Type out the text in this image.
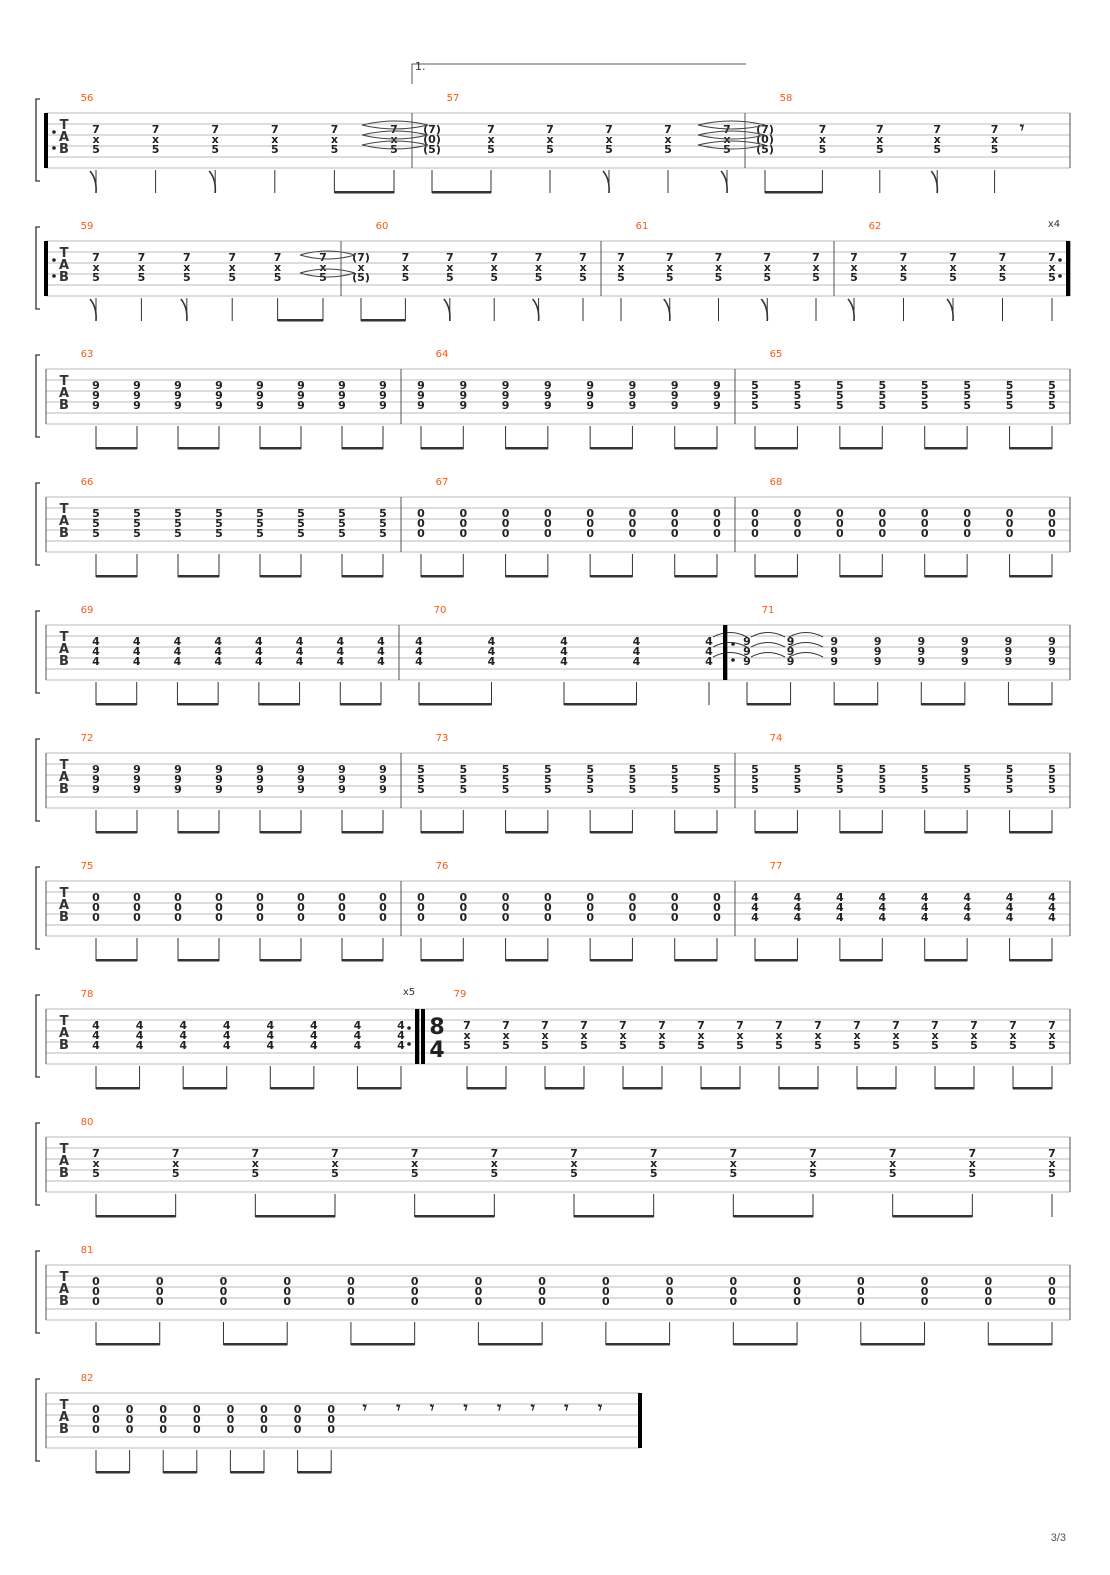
T
A
B
56
7
x
5
7
x
5
7
x
5
7
x
5
7
x
5
7
x
5
57
(7)
(0)
(5)
7
x
5
7
x
5
7
x
5
7
x
5
7
x
5
58
(7)
(0)
(5)
7
x
5
7
x
5
7
x
5
7
x
5
𝄾
T
A
B
x4
59
7
x
5
7
x
5
7
x
5
7
x
5
7
x
5
7
x
5
60
(7)
x
(5)
7
x
5
7
x
5
7
x
5
7
x
5
7
x
5
61
7
x
5
7
x
5
7
x
5
7
x
5
7
x
5
62
7
x
5
7
x
5
7
x
5
7
x
5
7
x
5
T
A
B
63
9
9
9
9
9
9
9
9
9
9
9
9
9
9
9
9
9
9
9
9
9
9
9
9
64
9
9
9
9
9
9
9
9
9
9
9
9
9
9
9
9
9
9
9
9
9
9
9
9
65
5
5
5
5
5
5
5
5
5
5
5
5
5
5
5
5
5
5
5
5
5
5
5
5
T
A
B
66
5
5
5
5
5
5
5
5
5
5
5
5
5
5
5
5
5
5
5
5
5
5
5
5
67
0
0
0
0
0
0
0
0
0
0
0
0
0
0
0
0
0
0
0
0
0
0
0
0
68
0
0
0
0
0
0
0
0
0
0
0
0
0
0
0
0
0
0
0
0
0
0
0
0
T
A
B
69
4
4
4
4
4
4
4
4
4
4
4
4
4
4
4
4
4
4
4
4
4
4
4
4
70
4
4
4
4
4
4
4
4
4
4
4
4
4
4
4
71
9
9
9
9
9
9
9
9
9
9
9
9
9
9
9
9
9
9
9
9
9
9
9
9
T
A
B
72
9
9
9
9
9
9
9
9
9
9
9
9
9
9
9
9
9
9
9
9
9
9
9
9
73
5
5
5
5
5
5
5
5
5
5
5
5
5
5
5
5
5
5
5
5
5
5
5
5
74
5
5
5
5
5
5
5
5
5
5
5
5
5
5
5
5
5
5
5
5
5
5
5
5
T
A
B
75
0
0
0
0
0
0
0
0
0
0
0
0
0
0
0
0
0
0
0
0
0
0
0
0
76
0
0
0
0
0
0
0
0
0
0
0
0
0
0
0
0
0
0
0
0
0
0
0
0
77
4
4
4
4
4
4
4
4
4
4
4
4
4
4
4
4
4
4
4
4
4
4
4
4
T
A
B
x5
78
4
4
4
4
4
4
4
4
4
4
4
4
4
4
4
4
4
4
4
4
4
4
4
4
79
8
4
7
x
5
7
x
5
7
x
5
7
x
5
7
x
5
7
x
5
7
x
5
7
x
5
7
x
5
7
x
5
7
x
5
7
x
5
7
x
5
7
x
5
7
x
5
7
x
5
T
A
B
80
7
x
5
7
x
5
7
x
5
7
x
5
7
x
5
7
x
5
7
x
5
7
x
5
7
x
5
7
x
5
7
x
5
7
x
5
7
x
5
T
A
B
81
0
0
0
0
0
0
0
0
0
0
0
0
0
0
0
0
0
0
0
0
0
0
0
0
0
0
0
0
0
0
0
0
0
0
0
0
0
0
0
0
0
0
0
0
0
0
0
0
T
A
B
82
0
0
0
0
0
0
0
0
0
0
0
0
0
0
0
0
0
0
0
0
0
0
0
0
𝄾 𝄾 𝄾 𝄾 𝄾 𝄾 𝄾 𝄾
1.
3/3
